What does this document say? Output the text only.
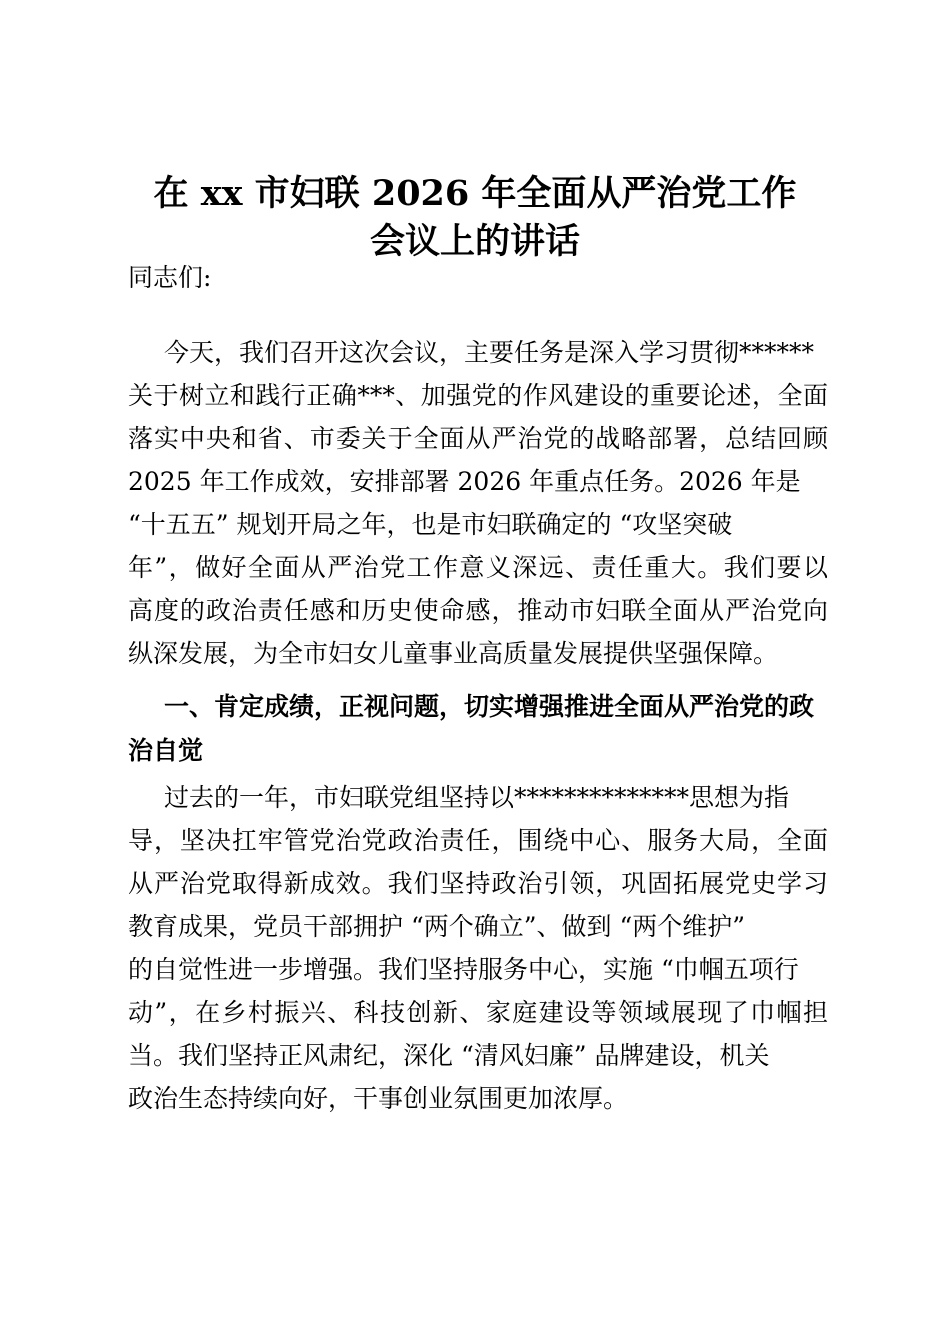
在 xx 市妇联 2026 年全面从严治党工作
会议上的讲话
同志们:
今天，我们召开这次会议，主要任务是深入学习贯彻******
关于树立和践行正确***、加强党的作风建设的重要论述，全面
落实中央和省、市委关于全面从严治党的战略部署，总结回顾
2025 年工作成效，安排部署 2026 年重点任务。2026 年是
“十五五” 规划开局之年，也是市妇联确定的 “攻坚突破
年”，做好全面从严治党工作意义深远、责任重大。我们要以
高度的政治责任感和历史使命感，推动市妇联全面从严治党向
纵深发展，为全市妇女儿童事业高质量发展提供坚强保障。
一、肯定成绩，正视问题，切实增强推进全面从严治党的政
治自觉
过去的一年，市妇联党组坚持以**************思想为指
导，坚决扛牢管党治党政治责任，围绕中心、服务大局，全面
从严治党取得新成效。我们坚持政治引领，巩固拓展党史学习
教育成果，党员干部拥护 “两个确立”、做到 “两个维护”
的自觉性进一步增强。我们坚持服务中心，实施 “巾帼五项行
动”，在乡村振兴、科技创新、家庭建设等领域展现了巾帼担
当。我们坚持正风肃纪，深化 “清风妇廉” 品牌建设，机关
政治生态持续向好，干事创业氛围更加浓厚。
